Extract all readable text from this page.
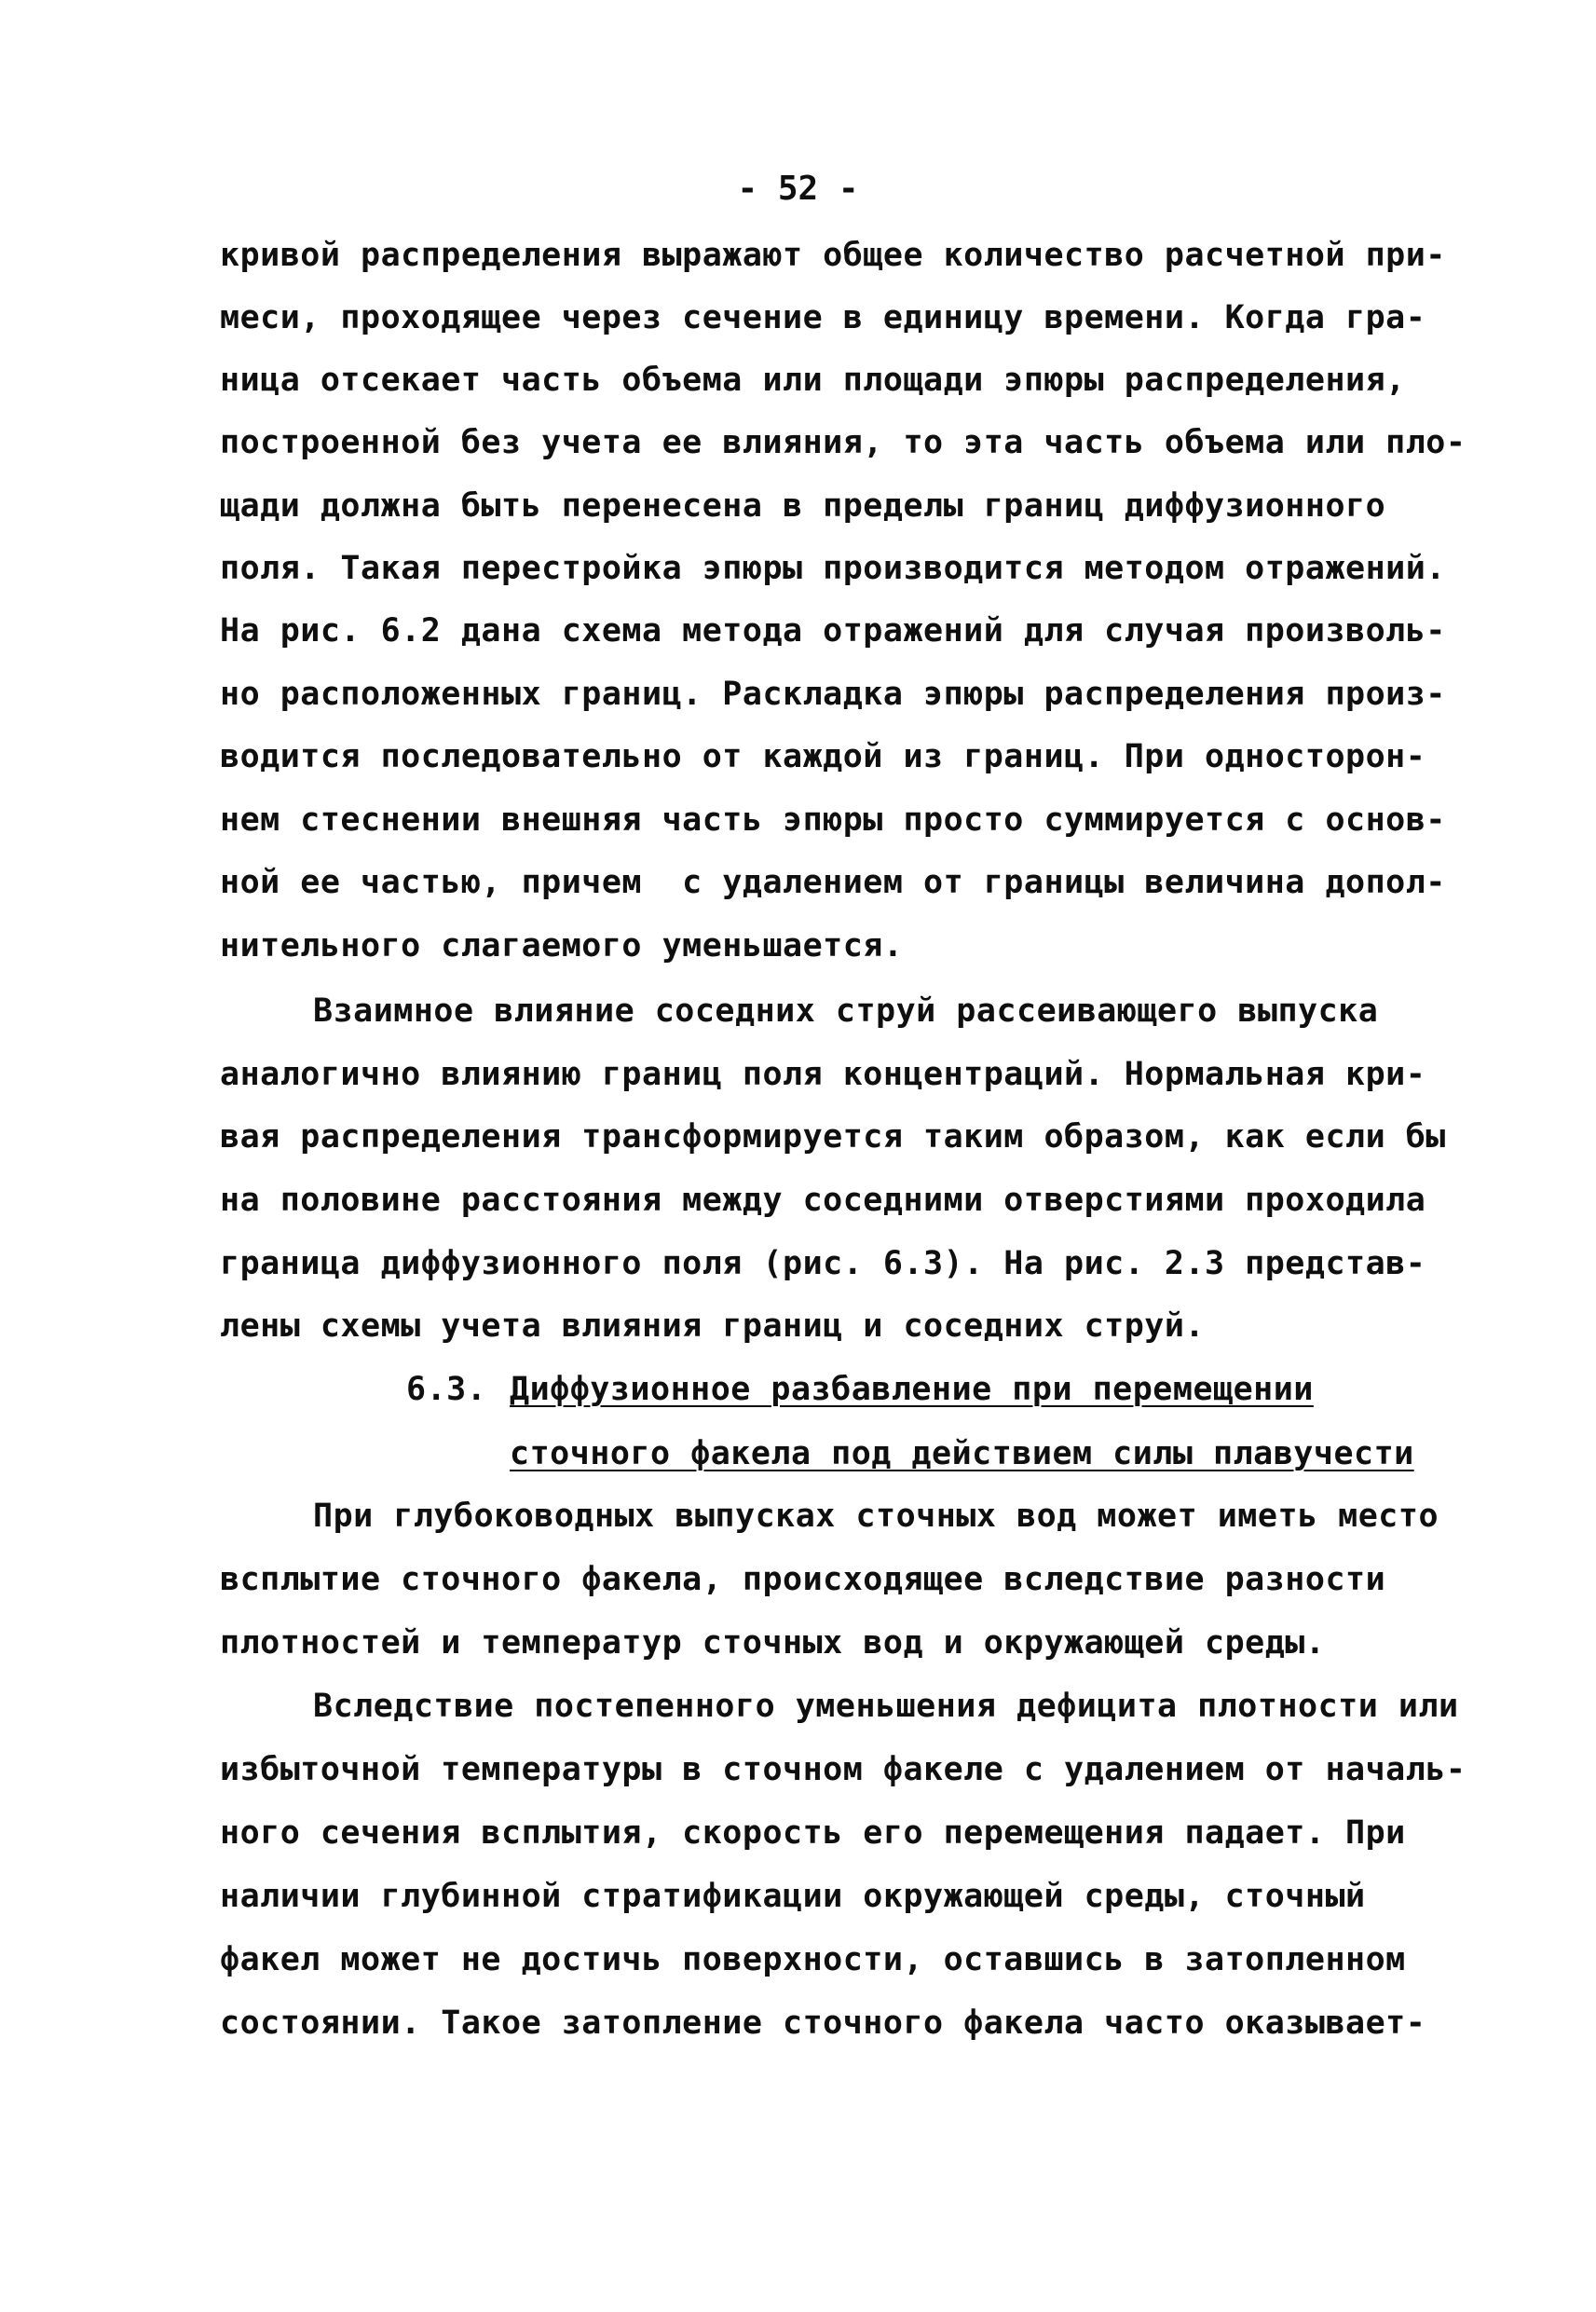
- 52 -
кривой распределения выражают общее количество расчетной при-
меси, проходящее через сечение в единицу времени. Когда гра-
ница отсекает часть объема или площади эпюры распределения,
построенной без учета ее влияния, то эта часть объема или пло-
щади должна быть перенесена в пределы границ диффузионного
поля. Такая перестройка эпюры производится методом отражений.
На рис. 6.2 дана схема метода отражений для случая произволь-
но расположенных границ. Раскладка эпюры распределения произ-
водится последовательно от каждой из границ. При односторон-
нем стеснении внешняя часть эпюры просто суммируется с основ-
ной ее частью, причем  с удалением от границы величина допол-
нительного слагаемого уменьшается.
Взаимное влияние соседних струй рассеивающего выпуска
аналогично влиянию границ поля концентраций. Нормальная кри-
вая распределения трансформируется таким образом, как если бы
на половине расстояния между соседними отверстиями проходила
граница диффузионного поля (рис. 6.3). На рис. 2.3 представ-
лены схемы учета влияния границ и соседних струй.
6.3. Диффузионное разбавление при перемещении
сточного факела под действием силы плавучести
При глубоководных выпусках сточных вод может иметь место
всплытие сточного факела, происходящее вследствие разности
плотностей и температур сточных вод и окружающей среды.
Вследствие постепенного уменьшения дефицита плотности или
избыточной температуры в сточном факеле с удалением от началь-
ного сечения всплытия, скорость его перемещения падает. При
наличии глубинной стратификации окружающей среды, сточный
факел может не достичь поверхности, оставшись в затопленном
состоянии. Такое затопление сточного факела часто оказывает-
